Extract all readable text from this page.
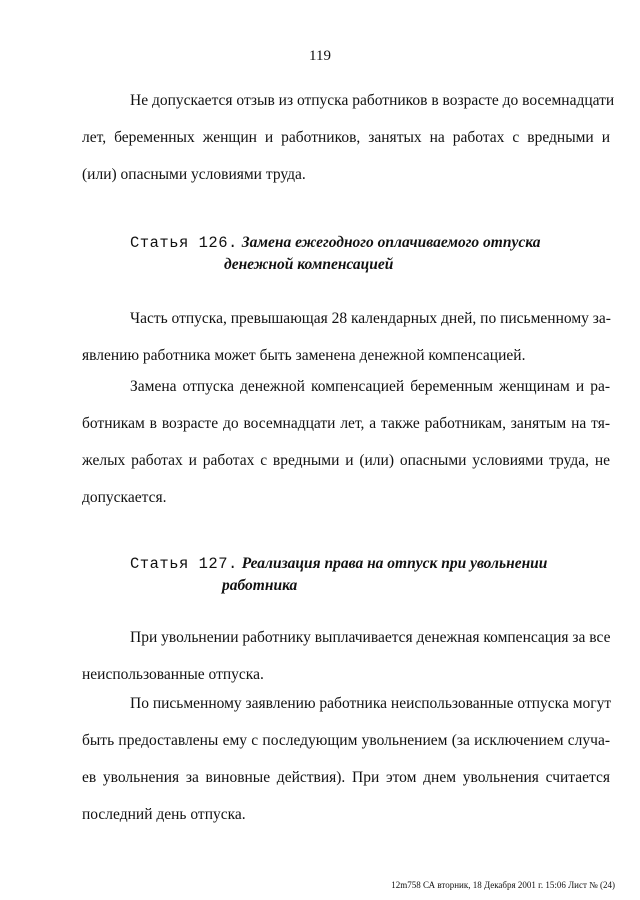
119
Не допускается отзыв из отпуска работников в возрасте до восемнадцати
лет, беременных женщин и работников, занятых на работах с вредными и
(или) опасными условиями труда.
Статья 126. Замена ежегодного оплачиваемого отпуска
денежной компенсацией
Часть отпуска, превышающая 28 календарных дней, по письменному за-
явлению работника может быть заменена денежной компенсацией.
Замена отпуска денежной компенсацией беременным женщинам и ра-
ботникам в возрасте до восемнадцати лет, а также работникам, занятым на тя-
желых работах и работах с вредными и (или) опасными условиями труда, не
допускается.
Статья 127. Реализация права на отпуск при увольнении
работника
При увольнении работнику выплачивается денежная компенсация за все
неиспользованные отпуска.
По письменному заявлению работника неиспользованные отпуска могут
быть предоставлены ему с последующим увольнением (за исключением случа-
ев увольнения за виновные действия). При этом днем увольнения считается
последний день отпуска.
12m758 СА вторник, 18 Декабря 2001 г. 15:06 Лист № (24)
